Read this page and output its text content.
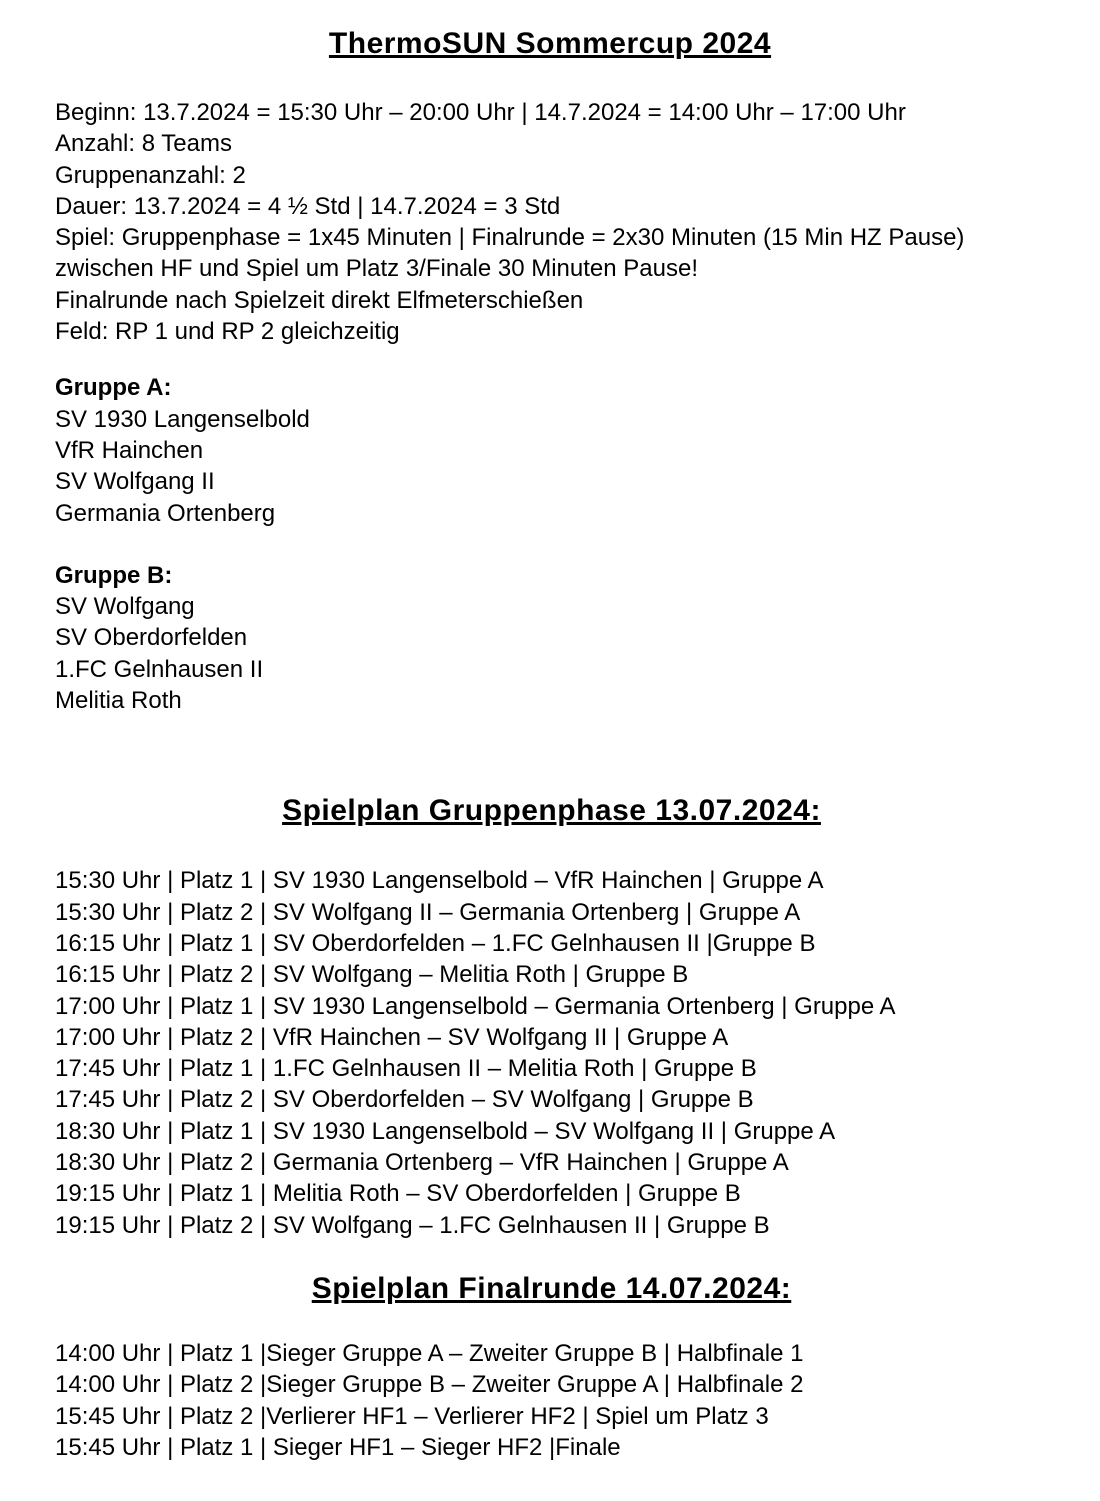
ThermoSUN Sommercup 2024
Beginn: 13.7.2024 = 15:30 Uhr – 20:00 Uhr | 14.7.2024 = 14:00 Uhr – 17:00 Uhr
Anzahl: 8 Teams
Gruppenanzahl: 2
Dauer: 13.7.2024 = 4 ½ Std | 14.7.2024 = 3 Std
Spiel: Gruppenphase = 1x45 Minuten | Finalrunde = 2x30 Minuten (15 Min HZ Pause)
zwischen HF und Spiel um Platz 3/Finale 30 Minuten Pause!
Finalrunde nach Spielzeit direkt Elfmeterschießen
Feld: RP 1 und RP 2 gleichzeitig
Gruppe A:
SV 1930 Langenselbold
VfR Hainchen
SV Wolfgang II
Germania Ortenberg
Gruppe B:
SV Wolfgang
SV Oberdorfelden
1.FC Gelnhausen II
Melitia Roth
Spielplan Gruppenphase 13.07.2024:
15:30 Uhr | Platz 1 | SV 1930 Langenselbold – VfR Hainchen | Gruppe A
15:30 Uhr | Platz 2 | SV Wolfgang II – Germania Ortenberg | Gruppe A
16:15 Uhr | Platz 1 | SV Oberdorfelden – 1.FC Gelnhausen II |Gruppe B
16:15 Uhr | Platz 2 | SV Wolfgang – Melitia Roth | Gruppe B
17:00 Uhr | Platz 1 | SV 1930 Langenselbold – Germania Ortenberg | Gruppe A
17:00 Uhr | Platz 2 | VfR Hainchen – SV Wolfgang II | Gruppe A
17:45 Uhr | Platz 1 | 1.FC Gelnhausen II – Melitia Roth | Gruppe B
17:45 Uhr | Platz 2 | SV Oberdorfelden – SV Wolfgang | Gruppe B
18:30 Uhr | Platz 1 | SV 1930 Langenselbold – SV Wolfgang II | Gruppe A
18:30 Uhr | Platz 2 | Germania Ortenberg – VfR Hainchen | Gruppe A
19:15 Uhr | Platz 1 | Melitia Roth – SV Oberdorfelden | Gruppe B
19:15 Uhr | Platz 2 | SV Wolfgang – 1.FC Gelnhausen II | Gruppe B
Spielplan Finalrunde 14.07.2024:
14:00 Uhr | Platz 1 |Sieger Gruppe A – Zweiter Gruppe B | Halbfinale 1
14:00 Uhr | Platz 2 |Sieger Gruppe B – Zweiter Gruppe A | Halbfinale 2
15:45 Uhr | Platz 2 |Verlierer HF1 – Verlierer HF2 | Spiel um Platz 3
15:45 Uhr | Platz 1 | Sieger HF1 – Sieger HF2 |Finale
